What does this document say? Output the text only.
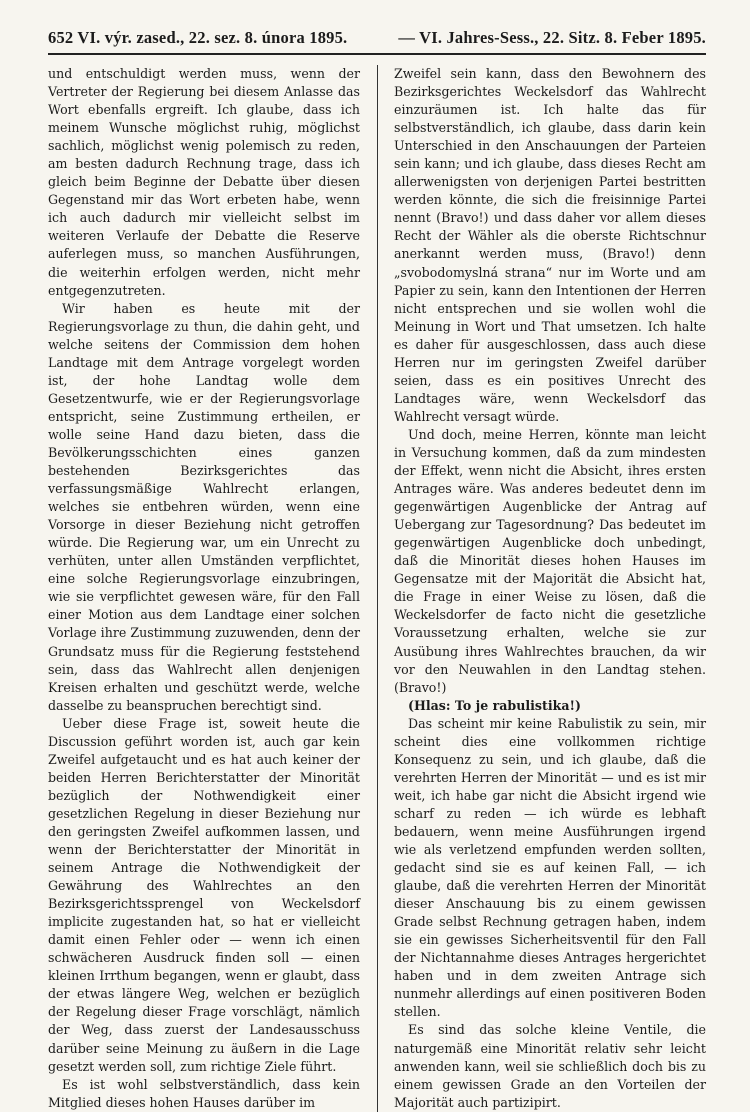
652 VI. výr. zased., 22. sez. 8. února 1895.	— VI. Jahres-Sess., 22. Sitz. 8. Feber 1895.

und entschuldigt werden muss, wenn der Vertreter der Regierung bei diesem Anlasse das Wort ebenfalls ergreift. Ich glaube, dass ich meinem Wunsche möglichst ruhig, möglichst sachlich, möglichst wenig polemisch zu reden, am besten dadurch Rechnung trage, dass ich gleich beim Beginne der Debatte über diesen Gegenstand mir das Wort erbeten habe, wenn ich auch dadurch mir vielleicht selbst im weiteren Verlaufe der Debatte die Reserve auferlegen muss, so manchen Ausführungen, die weiterhin erfolgen werden, nicht mehr entgegenzutreten.

Wir haben es heute mit der Regierungsvorlage zu thun, die dahin geht, und welche seitens der Commission dem hohen Landtage mit dem Antrage vorgelegt worden ist, der hohe Landtag wolle dem Gesetzentwurfe, wie er der Regierungsvorlage entspricht, seine Zustimmung ertheilen, er wolle seine Hand dazu bieten, dass die Bevölkerungsschichten eines ganzen bestehenden Bezirksgerichtes das verfassungsmäßige Wahlrecht erlangen, welches sie entbehren würden, wenn eine Vorsorge in dieser Beziehung nicht getroffen würde. Die Regierung war, um ein Unrecht zu verhüten, unter allen Umständen verpflichtet, eine solche Regierungsvorlage einzubringen, wie sie verpflichtet gewesen wäre, für den Fall einer Motion aus dem Landtage einer solchen Vorlage ihre Zustimmung zuzuwenden, denn der Grundsatz muss für die Regierung feststehend sein, dass das Wahlrecht allen denjenigen Kreisen erhalten und geschützt werde, welche dasselbe zu beanspruchen berechtigt sind.

Ueber diese Frage ist, soweit heute die Discussion geführt worden ist, auch gar kein Zweifel aufgetaucht und es hat auch keiner der beiden Herren Berichterstatter der Minorität bezüglich der Nothwendigkeit einer gesetzlichen Regelung in dieser Beziehung nur den geringsten Zweifel aufkommen lassen, und wenn der Berichterstatter der Minorität in seinem Antrage die Nothwendigkeit der Gewährung des Wahlrechtes an den Bezirksgerichtssprengel von Weckelsdorf implicite zugestanden hat, so hat er vielleicht damit einen Fehler oder — wenn ich einen schwächeren Ausdruck finden soll — einen kleinen Irrthum begangen, wenn er glaubt, dass der etwas längere Weg, welchen er bezüglich der Regelung dieser Frage vorschlägt, nämlich der Weg, dass zuerst der Landesausschuss darüber seine Meinung zu äußern in die Lage gesetzt werden soll, zum richtige Ziele führt.

Es ist wohl selbstverständlich, dass kein Mitglied dieses hohen Hauses darüber im

Zweifel sein kann, dass den Bewohnern des Bezirksgerichtes Weckelsdorf das Wahlrecht einzuräumen ist. Ich halte das für selbstverständlich, ich glaube, dass darin kein Unterschied in den Anschauungen der Parteien sein kann; und ich glaube, dass dieses Recht am allerwenigsten von derjenigen Partei bestritten werden könnte, die sich die freisinnige Partei nennt (Bravo!) und dass daher vor allem dieses Recht der Wähler als die oberste Richtschnur anerkannt werden muss, (Bravo!) denn „svobodomyslná strana“ nur im Worte und am Papier zu sein, kann den Intentionen der Herren nicht entsprechen und sie wollen wohl die Meinung in Wort und That umsetzen. Ich halte es daher für ausgeschlossen, dass auch diese Herren nur im geringsten Zweifel darüber seien, dass es ein positives Unrecht des Landtages wäre, wenn Weckelsdorf das Wahlrecht versagt würde.

Und doch, meine Herren, könnte man leicht in Versuchung kommen, daß da zum mindesten der Effekt, wenn nicht die Absicht, ihres ersten Antrages wäre. Was anderes bedeutet denn im gegenwärtigen Augenblicke der Antrag auf Uebergang zur Tagesordnung? Das bedeutet im gegenwärtigen Augenblicke doch unbedingt, daß die Minorität dieses hohen Hauses im Gegensatze mit der Majorität die Absicht hat, die Frage in einer Weise zu lösen, daß die Weckelsdorfer de facto nicht die gesetzliche Voraussetzung erhalten, welche sie zur Ausübung ihres Wahlrechtes brauchen, da wir vor den Neuwahlen in den Landtag stehen. (Bravo!)

(Hlas: To je rabulistika!)

Das scheint mir keine Rabulistik zu sein, mir scheint dies eine vollkommen richtige Konsequenz zu sein, und ich glaube, daß die verehrten Herren der Minorität — und es ist mir weit, ich habe gar nicht die Absicht irgend wie scharf zu reden — ich würde es lebhaft bedauern, wenn meine Ausführungen irgend wie als verletzend empfunden werden sollten, gedacht sind sie es auf keinen Fall, — ich glaube, daß die verehrten Herren der Minorität dieser Anschauung bis zu einem gewissen Grade selbst Rechnung getragen haben, indem sie ein gewisses Sicherheitsventil für den Fall der Nichtannahme dieses Antrages hergerichtet haben und in dem zweiten Antrage sich nunmehr allerdings auf einen positiveren Boden stellen.

Es sind das solche kleine Ventile, die naturgemäß eine Minorität relativ sehr leicht anwenden kann, weil sie schließlich doch bis zu einem gewissen Grade an den Vorteilen der Majorität auch partizipirt.
